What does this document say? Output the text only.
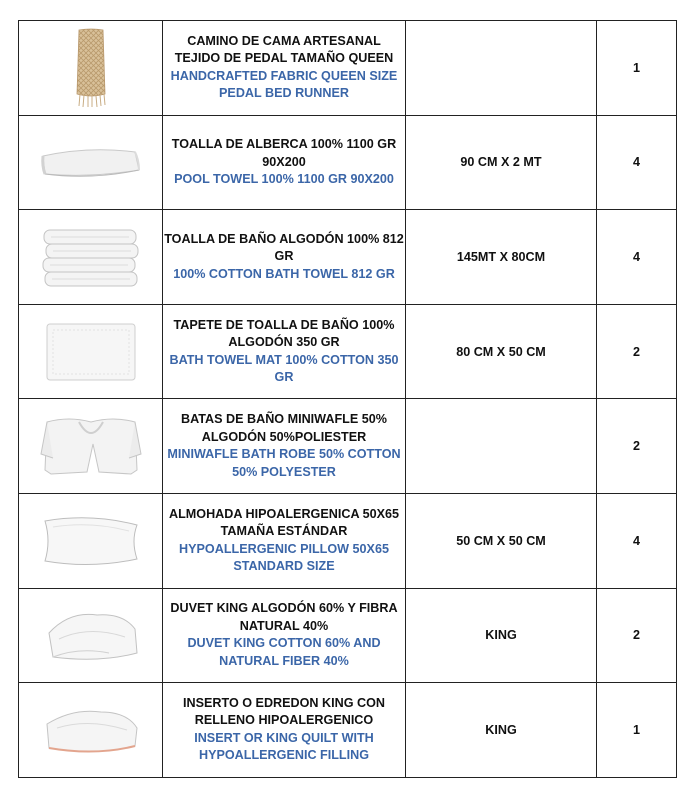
CAMINO DE CAMA ARTESANAL TEJIDO DE PEDAL TAMAÑO QUEEN
HANDCRAFTED FABRIC QUEEN SIZE PEDAL BED RUNNER		1

TOALLA DE ALBERCA 100% 1100 GR 90X200
POOL TOWEL 100% 1100 GR 90X200	90 CM X 2 MT	4

TOALLA DE BAÑO ALGODÓN 100% 812 GR
100% COTTON BATH TOWEL 812 GR	145MT X 80CM	4

TAPETE DE TOALLA DE BAÑO 100% ALGODÓN 350 GR
BATH TOWEL MAT 100% COTTON 350 GR	80 CM X 50 CM	2

BATAS DE BAÑO MINIWAFLE 50% ALGODÓN 50%POLIESTER
MINIWAFLE BATH ROBE 50% COTTON 50% POLYESTER		2

ALMOHADA HIPOALERGENICA 50X65 TAMAÑA ESTÁNDAR
HYPOALLERGENIC PILLOW 50X65 STANDARD SIZE	50 CM X 50 CM	4

DUVET KING ALGODÓN 60% Y FIBRA NATURAL 40%
DUVET KING COTTON 60% AND NATURAL FIBER 40%	KING	2

INSERTO O EDREDON KING CON RELLENO HIPOALERGENICO
INSERT OR KING QUILT WITH HYPOALLERGENIC FILLING	KING	1
